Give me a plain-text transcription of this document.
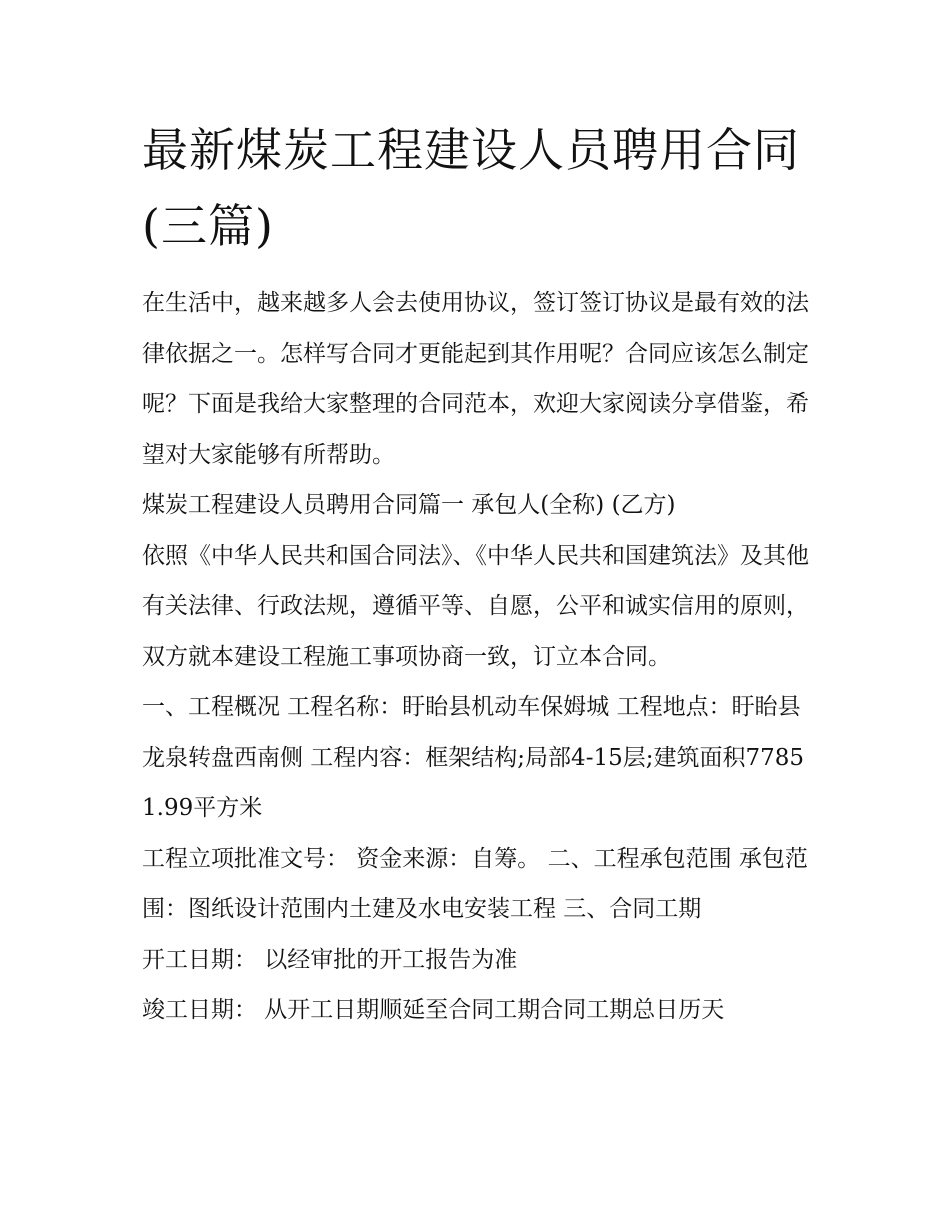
最新煤炭工程建设人员聘用合同(三篇)

在生活中，越来越多人会去使用协议，签订签订协议是最有效的法律依据之一。怎样写合同才更能起到其作用呢？合同应该怎么制定呢？下面是我给大家整理的合同范本，欢迎大家阅读分享借鉴，希望对大家能够有所帮助。

煤炭工程建设人员聘用合同篇一 承包人(全称) (乙方)

依照《中华人民共和国合同法》、《中华人民共和国建筑法》及其他有关法律、行政法规，遵循平等、自愿，公平和诚实信用的原则，双方就本建设工程施工事项协商一致，订立本合同。

一、工程概况 工程名称：盱眙县机动车保姆城 工程地点：盱眙县龙泉转盘西南侧 工程内容：框架结构;局部4-15层;建筑面积77851.99平方米

工程立项批准文号： 资金来源：自筹。 二、工程承包范围 承包范围：图纸设计范围内土建及水电安装工程 三、合同工期

开工日期： 以经审批的开工报告为准

竣工日期： 从开工日期顺延至合同工期合同工期总日历天
